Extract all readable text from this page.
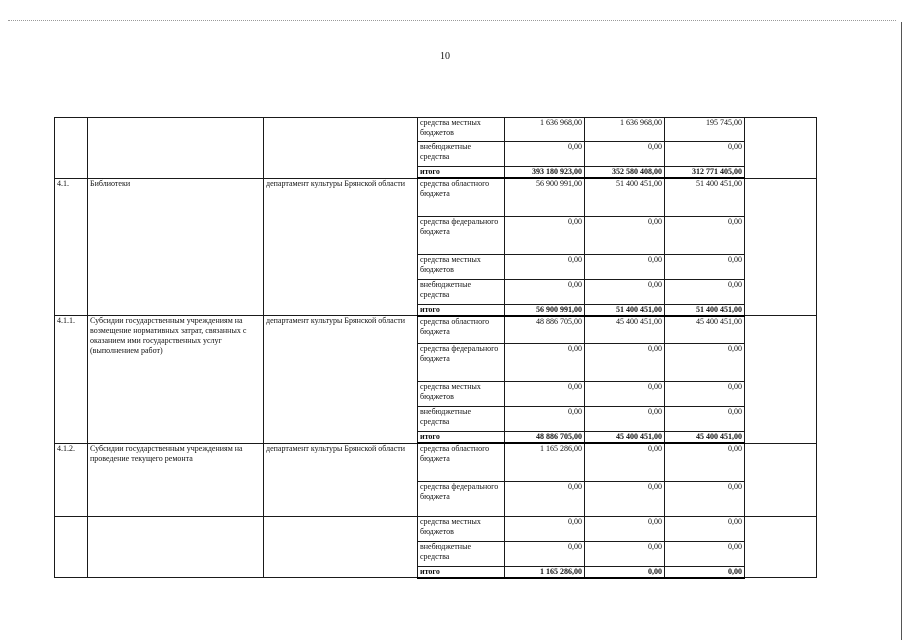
10
			средства местных бюджетов	1 636 968,00	1 636 968,00	195 745,00	
			внебюджетные средства	0,00	0,00	0,00	
			итого	393 180 923,00	352 580 408,00	312 771 405,00	
4.1.	Библиотеки	департамент культуры Брянской области	средства областного бюджета	56 900 991,00	51 400 451,00	51 400 451,00	
			средства федерального бюджета	0,00	0,00	0,00	
			средства местных бюджетов	0,00	0,00	0,00	
			внебюджетные средства	0,00	0,00	0,00	
			итого	56 900 991,00	51 400 451,00	51 400 451,00	
4.1.1.	Субсидии государственным учреждениям на возмещение нормативных затрат, связанных с оказанием ими государственных услуг (выполнением работ)	департамент культуры Брянской области	средства областного бюджета	48 886 705,00	45 400 451,00	45 400 451,00	
			средства федерального бюджета	0,00	0,00	0,00	
			средства местных бюджетов	0,00	0,00	0,00	
			внебюджетные средства	0,00	0,00	0,00	
			итого	48 886 705,00	45 400 451,00	45 400 451,00	
4.1.2.	Субсидии государственным учреждениям на проведение текущего ремонта	департамент культуры Брянской области	средства областного бюджета	1 165 286,00	0,00	0,00	
			средства федерального бюджета	0,00	0,00	0,00	
			средства местных бюджетов	0,00	0,00	0,00	
			внебюджетные средства	0,00	0,00	0,00	
			итого	1 165 286,00	0,00	0,00	
